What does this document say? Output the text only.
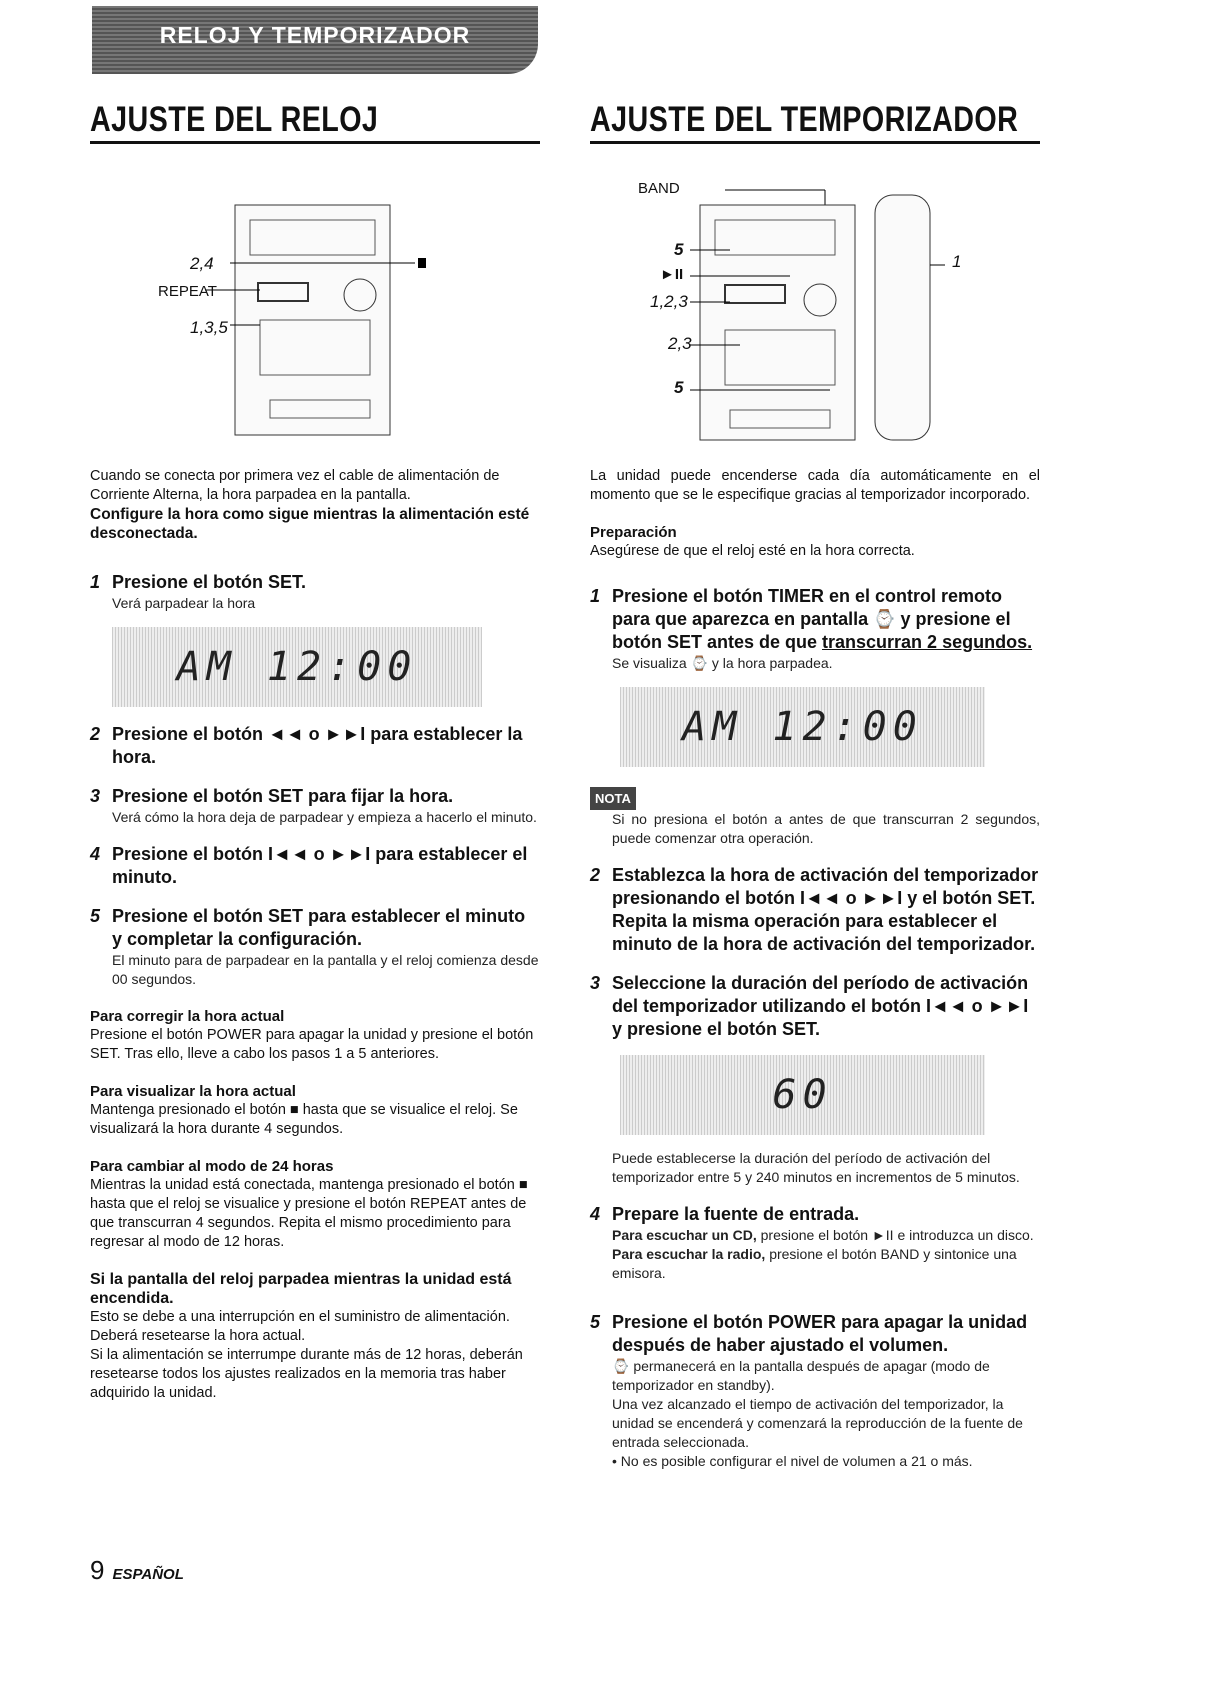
RELOJ Y TEMPORIZADOR
AJUSTE DEL RELOJ	AJUSTE DEL TEMPORIZADOR
2,4
REPEAT
1,3,5
BAND
5
►II
1,2,3
2,3
5
1

Cuando se conecta por primera vez el cable de alimentación de Corriente Alterna, la hora parpadea en la pantalla.

Configure la hora como sigue mientras la alimentación esté desconectada.

1 Presione el botón SET.
Verá parpadear la hora
AM 12:00
2 Presione el botón ◄◄ o ►►I para establecer la hora.
3 Presione el botón SET para fijar la hora.
Verá cómo la hora deja de parpadear y empieza a hacerlo el minuto.
4 Presione el botón I◄◄ o ►►I para establecer el minuto.
5 Presione el botón SET para establecer el minuto y completar la configuración.
El minuto para de parpadear en la pantalla y el reloj comienza desde 00 segundos.
Para corregir la hora actual

Presione el botón POWER para apagar la unidad y presione el botón SET. Tras ello, lleve a cabo los pasos 1 a 5 anteriores.

Para visualizar la hora actual

Mantenga presionado el botón ■ hasta que se visualice el reloj. Se visualizará la hora durante 4 segundos.

Para cambiar al modo de 24 horas

Mientras la unidad está conectada, mantenga presionado el botón ■ hasta que el reloj se visualice y presione el botón REPEAT antes de que transcurran 4 segundos. Repita el mismo procedimiento para regresar al modo de 12 horas.

Si la pantalla del reloj parpadea mientras la unidad está encendida.

Esto se debe a una interrupción en el suministro de alimentación. Deberá resetearse la hora actual.
Si la alimentación se interrumpe durante más de 12 horas, deberán resetearse todos los ajustes realizados en la memoria tras haber adquirido la unidad.

La unidad puede encenderse cada día automáticamente en el momento que se le especifique gracias al temporizador incorporado.

Preparación

Asegúrese de que el reloj esté en la hora correcta.

1 Presione el botón TIMER en el control remoto para que aparezca en pantalla ⌚ y presione el botón SET antes de que transcurran 2 segundos.
Se visualiza ⌚ y la hora parpadea.
AM 12:00
NOTA
Si no presiona el botón a antes de que transcurran 2 segundos, puede comenzar otra operación.
2 Establezca la hora de activación del temporizador presionando el botón I◄◄ o ►►I y el botón SET. Repita la misma operación para establecer el minuto de la hora de activación del temporizador.
3 Seleccione la duración del período de activación del temporizador utilizando el botón I◄◄ o ►►I y presione el botón SET.
60
Puede establecerse la duración del período de activación del temporizador entre 5 y 240 minutos en incrementos de 5 minutos.
4 Prepare la fuente de entrada.
Para escuchar un CD, presione el botón ►II e introduzca un disco.
Para escuchar la radio, presione el botón BAND y sintonice una emisora.
5 Presione el botón POWER para apagar la unidad después de haber ajustado el volumen.
⌚ permanecerá en la pantalla después de apagar (modo de temporizador en standby).
Una vez alcanzado el tiempo de activación del temporizador, la unidad se encenderá y comenzará la reproducción de la fuente de entrada seleccionada.
• No es posible configurar el nivel de volumen a 21 o más.
9 ESPAÑOL
